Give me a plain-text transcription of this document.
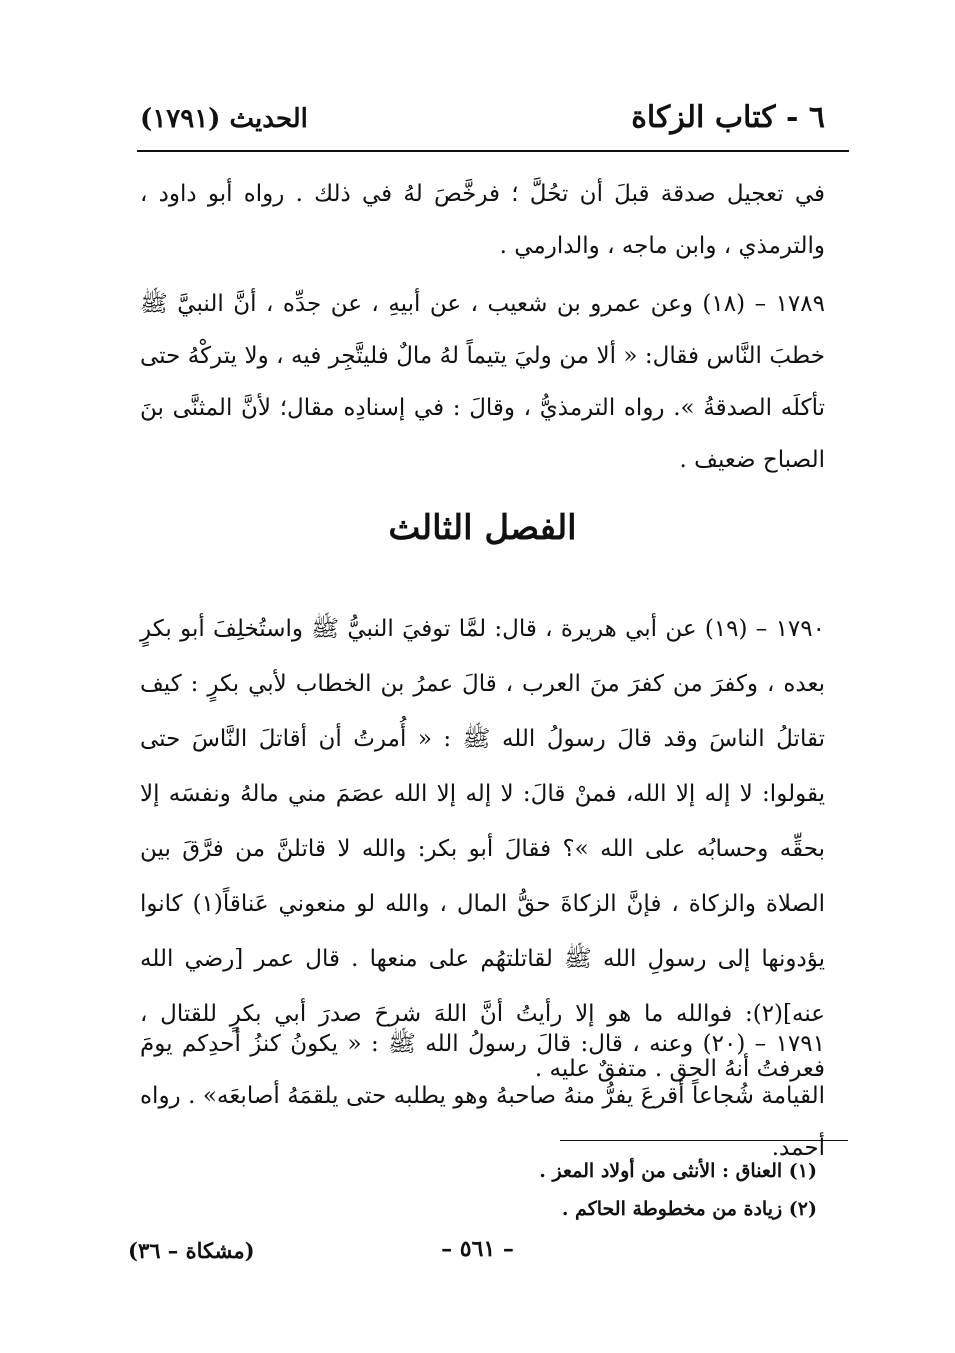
٦ - كتاب الزكاة
الحديث (١٧٩١)

في تعجيل صدقة قبلَ أن تحُلَّ ؛ فرخَّصَ لهُ في ذلك . رواه أبو داود ، والترمذي ، وابن ماجه ، والدارمي .

١٧٨٩ – (١٨) وعن عمرو بن شعيب ، عن أبيهِ ، عن جدِّه ، أنَّ النبيَّ ﷺ خطبَ النَّاس فقال: « ألا من وليَ يتيماً لهُ مالٌ فليتَّجِر فيه ، ولا يتركْهُ حتى تأكلَه الصدقةُ ». رواه الترمذيُّ ، وقالَ : في إسنادِه مقال؛ لأنَّ المثنَّى بنَ الصباح ضعيف .

الفصل الثالث

١٧٩٠ – (١٩) عن أبي هريرة ، قال: لمَّا توفيَ النبيُّ ﷺ واستُخلِفَ أبو بكرٍ بعده ، وكفرَ من كفرَ منَ العرب ، قالَ عمرُ بن الخطاب لأبي بكرٍ : كيف تقاتلُ الناسَ وقد قالَ رسولُ الله ﷺ : « أُمرتُ أن أقاتلَ النَّاسَ حتى يقولوا: لا إله إلا الله، فمنْ قالَ: لا إله إلا الله عصَمَ مني مالهُ ونفسَه إلا بحقِّه وحسابُه على الله »؟ فقالَ أبو بكر: والله لا قاتلنَّ من فرَّقَ بين الصلاة والزكاة ، فإنَّ الزكاةَ حقُّ المال ، والله لو منعوني عَناقاً(١) كانوا يؤدونها إلى رسولِ الله ﷺ لقاتلتهُم على منعها . قال عمر [رضي الله عنه](٢): فوالله ما هو إلا رأيتُ أنَّ اللهَ شرحَ صدرَ أبي بكرٍ للقتال ، فعرفتُ أنهُ الحق . متفقٌ عليه .

١٧٩١ – (٢٠) وعنه ، قال: قالَ رسولُ الله ﷺ : « يكونُ كنزُ أحدِكم يومَ القيامة شُجاعاً أقرعَ يفرُّ منهُ صاحبهُ وهو يطلبه حتى يلقمَهُ أصابعَه» . رواه أحمد.

(١) العناق : الأنثى من أولاد المعز .

(٢) زيادة من مخطوطة الحاكم .

– ٥٦١ –
(مشكاة – ٣٦)
